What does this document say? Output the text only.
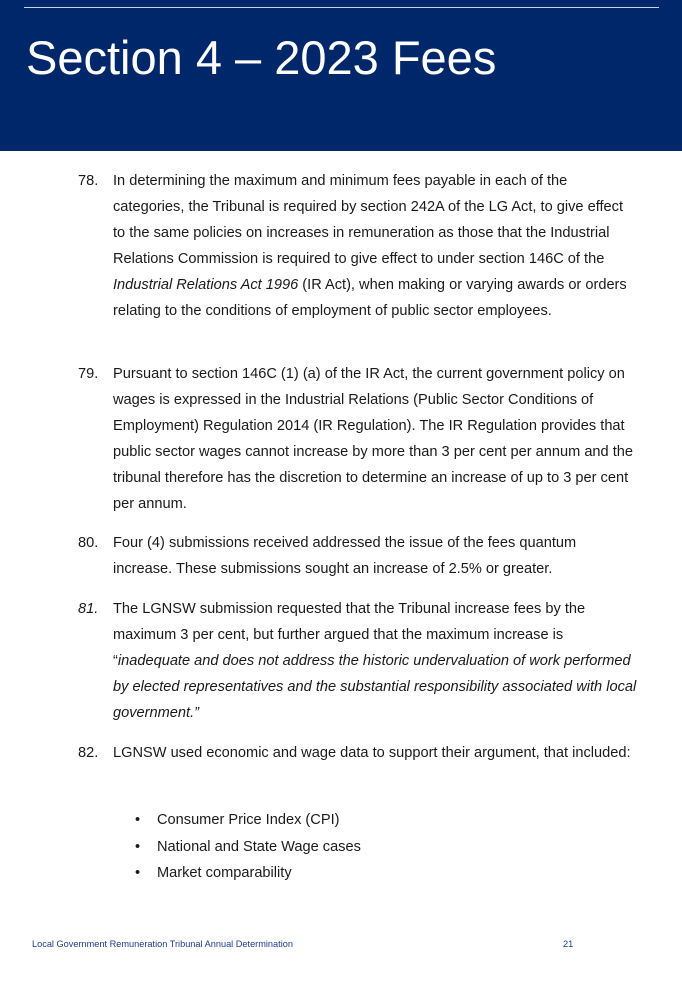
Section 4 – 2023 Fees
78. In determining the maximum and minimum fees payable in each of the categories, the Tribunal is required by section 242A of the LG Act, to give effect to the same policies on increases in remuneration as those that the Industrial Relations Commission is required to give effect to under section 146C of the Industrial Relations Act 1996 (IR Act), when making or varying awards or orders relating to the conditions of employment of public sector employees.
79. Pursuant to section 146C (1) (a) of the IR Act, the current government policy on wages is expressed in the Industrial Relations (Public Sector Conditions of Employment) Regulation 2014 (IR Regulation). The IR Regulation provides that public sector wages cannot increase by more than 3 per cent per annum and the tribunal therefore has the discretion to determine an increase of up to 3 per cent per annum.
80. Four (4) submissions received addressed the issue of the fees quantum increase. These submissions sought an increase of 2.5% or greater.
81. The LGNSW submission requested that the Tribunal increase fees by the maximum 3 per cent, but further argued that the maximum increase is “inadequate and does not address the historic undervaluation of work performed by elected representatives and the substantial responsibility associated with local government.”
82. LGNSW used economic and wage data to support their argument, that included:
• Consumer Price Index (CPI)
• National and State Wage cases
• Market comparability
Local Government Remuneration Tribunal Annual Determination	21
